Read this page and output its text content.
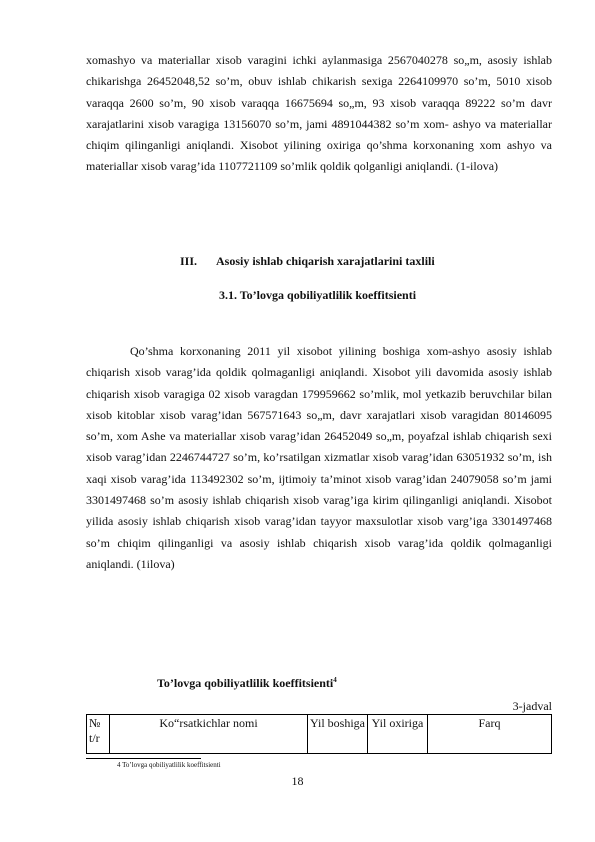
xomashyo va materiallar xisob varagini ichki aylanmasiga 2567040278 so„m, asosiy ishlab chikarishga 26452048,52 so’m, obuv ishlab chikarish sexiga 2264109970 so’m, 5010 xisob varaqqa 2600 so’m, 90 xisob varaqqa 16675694 so„m, 93 xisob varaqqa 89222 so’m davr xarajatlarini xisob varagiga 13156070 so’m, jami 4891044382 so’m xom- ashyo va materiallar chiqim qilinganligi aniqlandi. Xisobot yilining oxiriga qo’shma korxonaning xom ashyo va materiallar xisob varag’ida 1107721109 so’mlik qoldik qolganligi aniqlandi. (1-ilova)

III. Asosiy ishlab chiqarish xarajatlarini taxlili
3.1. To’lovga qobiliyatlilik koeffitsienti

Qo’shma korxonaning 2011 yil xisobot yilining boshiga xom-ashyo asosiy ishlab chiqarish xisob varag’ida qoldik qolmaganligi aniqlandi. Xisobot yili davomida asosiy ishlab chiqarish xisob varagiga 02 xisob varagdan 179959662 so’mlik, mol yetkazib beruvchilar bilan xisob kitoblar xisob varag’idan 567571643 so„m, davr xarajatlari xisob varagidan 80146095 so’m, xom Ashe va materiallar xisob varag’idan 26452049 so„m, poyafzal ishlab chiqarish sexi xisob varag’idan 2246744727 so’m, ko’rsatilgan xizmatlar xisob varag’idan 63051932 so’m, ish xaqi xisob varag’ida 113492302 so’m, ijtimoiy ta’minot xisob varag’idan 24079058 so’m jami 3301497468 so’m asosiy ishlab chiqarish xisob varag’iga kirim qilinganligi aniqlandi. Xisobot yilida asosiy ishlab chiqarish xisob varag’idan tayyor maxsulotlar xisob varg’iga 3301497468 so’m chiqim qilinganligi va asosiy ishlab chiqarish xisob varag’ida qoldik qolmaganligi aniqlandi. (1ilova)

To’lovga qobiliyatlilik koeffitsienti$^4$
3-jadval
№ t/r	Ko“rsatkichlar nomi	Yil boshiga	Yil oxiriga	Farq
4 To’lovga qobiliyatlilik koeffitsienti
18
